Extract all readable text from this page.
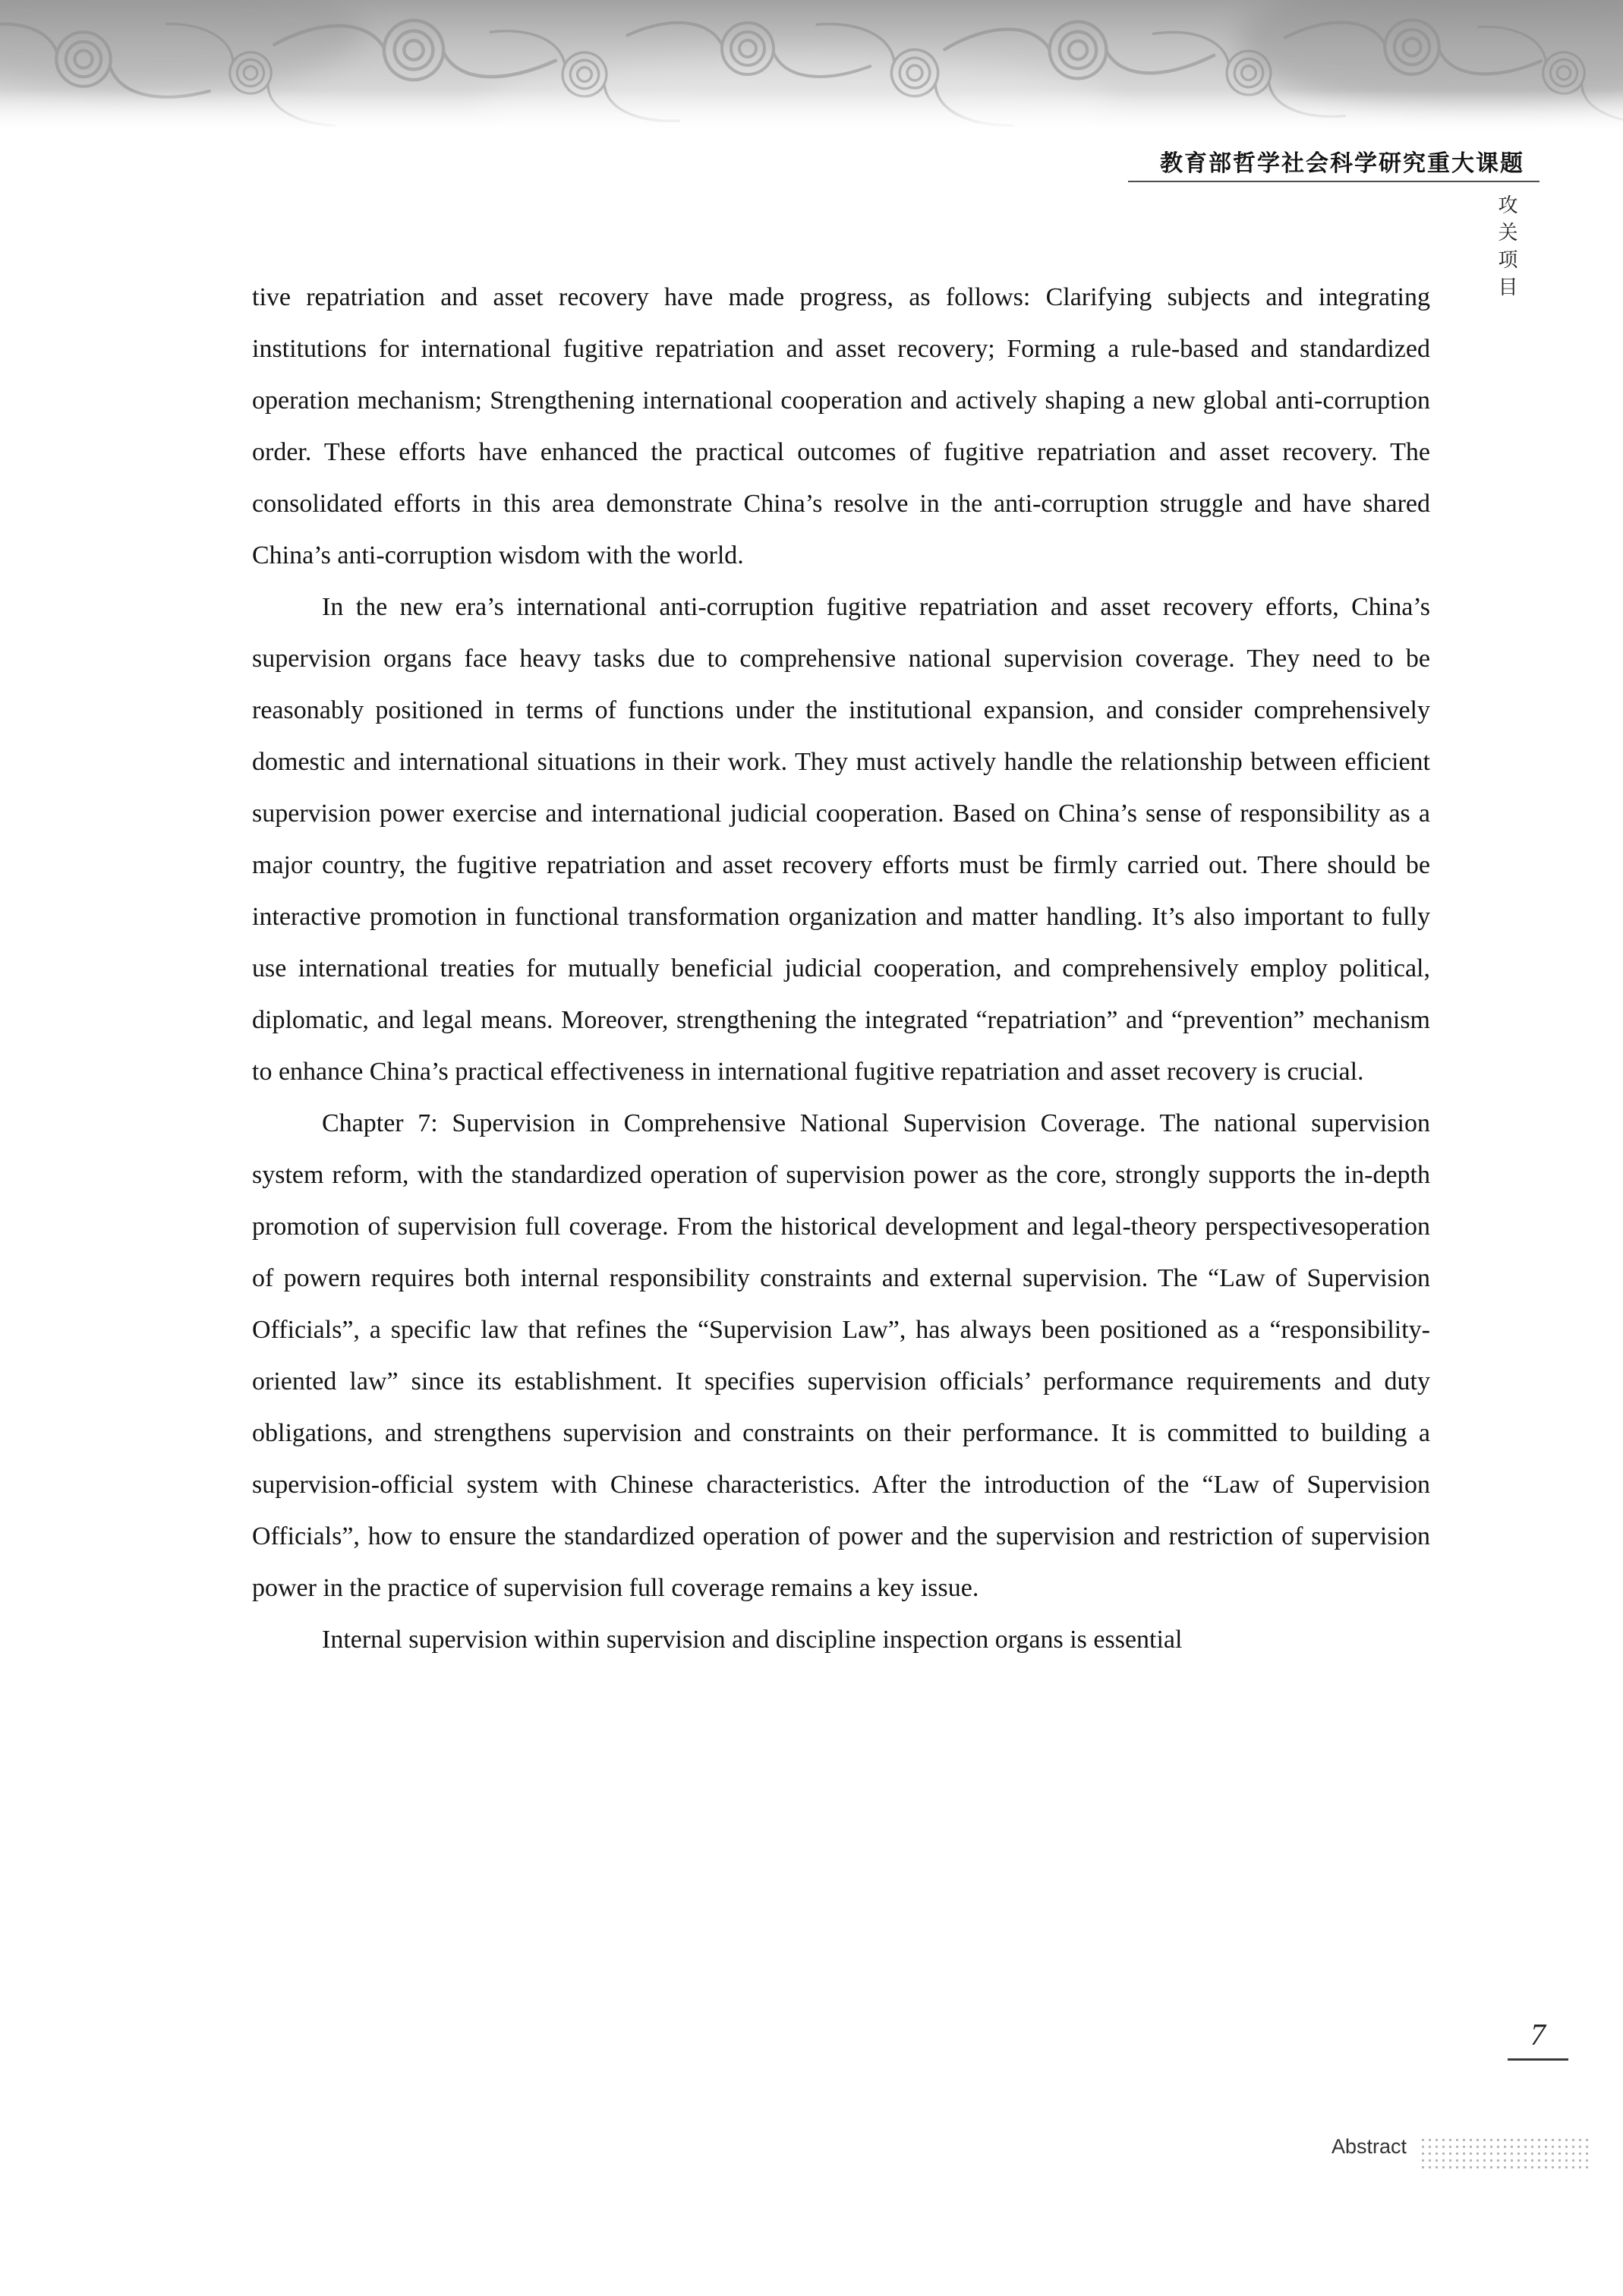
教育部哲学社会科学研究重大课题
攻关项目

tive repatriation and asset recovery have made progress, as follows: Clarifying subjects and integrating institutions for international fugitive repatriation and asset recovery; Forming a rule-based and standardized operation mechanism; Strengthening international cooperation and actively shaping a new global anti-corruption order. These efforts have enhanced the practical outcomes of fugitive repatriation and asset recovery. The consolidated efforts in this area demonstrate China’s resolve in the anti-corruption struggle and have shared China’s anti-corruption wisdom with the world.

In the new era’s international anti-corruption fugitive repatriation and asset recovery efforts, China’s supervision organs face heavy tasks due to comprehensive national supervision coverage. They need to be reasonably positioned in terms of functions under the institutional expansion, and consider comprehensively domestic and international situations in their work. They must actively handle the relationship between efficient supervision power exercise and international judicial cooperation. Based on China’s sense of responsibility as a major country, the fugitive repatriation and asset recovery efforts must be firmly carried out. There should be interactive promotion in functional transformation organization and matter handling. It’s also important to fully use international treaties for mutually beneficial judicial cooperation, and comprehensively employ political, diplomatic, and legal means. Moreover, strengthening the integrated “repatriation” and “prevention” mechanism to enhance China’s practical effectiveness in international fugitive repatriation and asset recovery is crucial.

Chapter 7: Supervision in Comprehensive National Supervision Coverage. The national supervision system reform, with the standardized operation of supervision power as the core, strongly supports the in-depth promotion of supervision full coverage. From the historical development and legal-theory perspectivesoperation of powern requires both internal responsibility constraints and external supervision. The “Law of Supervision Officials”, a specific law that refines the “Supervision Law”, has always been positioned as a “responsibility-oriented law” since its establishment. It specifies supervision officials’ performance requirements and duty obligations, and strengthens supervision and constraints on their performance. It is committed to building a supervision-official system with Chinese characteristics. After the introduction of the “Law of Supervision Officials”, how to ensure the standardized operation of power and the supervision and restriction of supervision power in the practice of supervision full coverage remains a key issue.

Internal supervision within supervision and discipline inspection organs is essential

7
Abstract
